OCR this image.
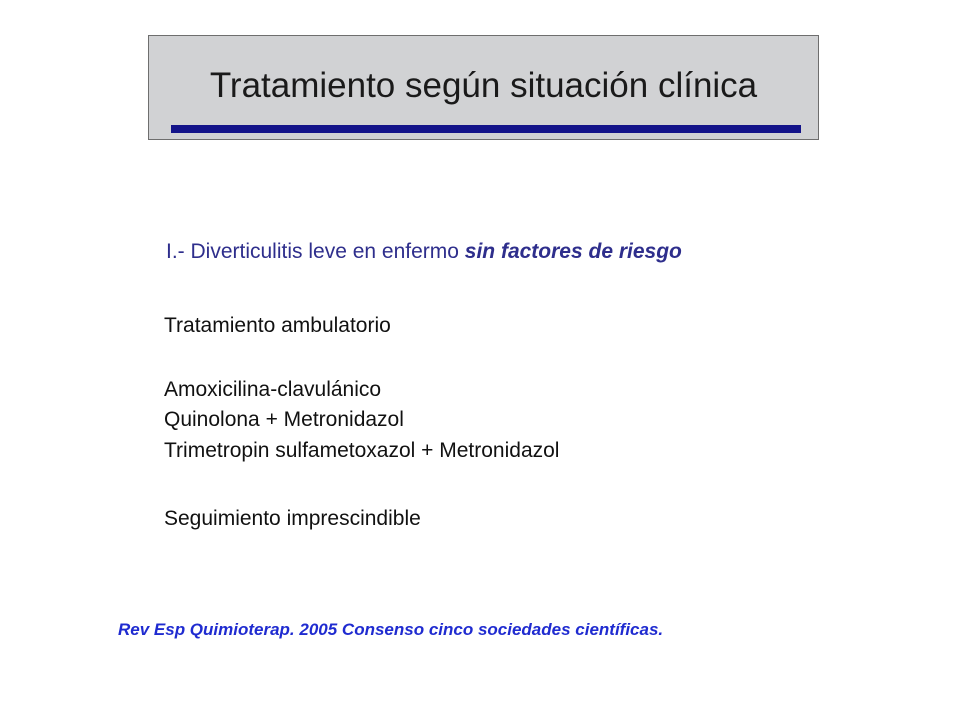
Tratamiento según situación clínica
I.- Diverticulitis leve en enfermo sin factores de riesgo
Tratamiento ambulatorio
Amoxicilina-clavulánico
Quinolona + Metronidazol
Trimetropin sulfametoxazol + Metronidazol
Seguimiento imprescindible
Rev Esp Quimioterap. 2005 Consenso cinco sociedades científicas.
